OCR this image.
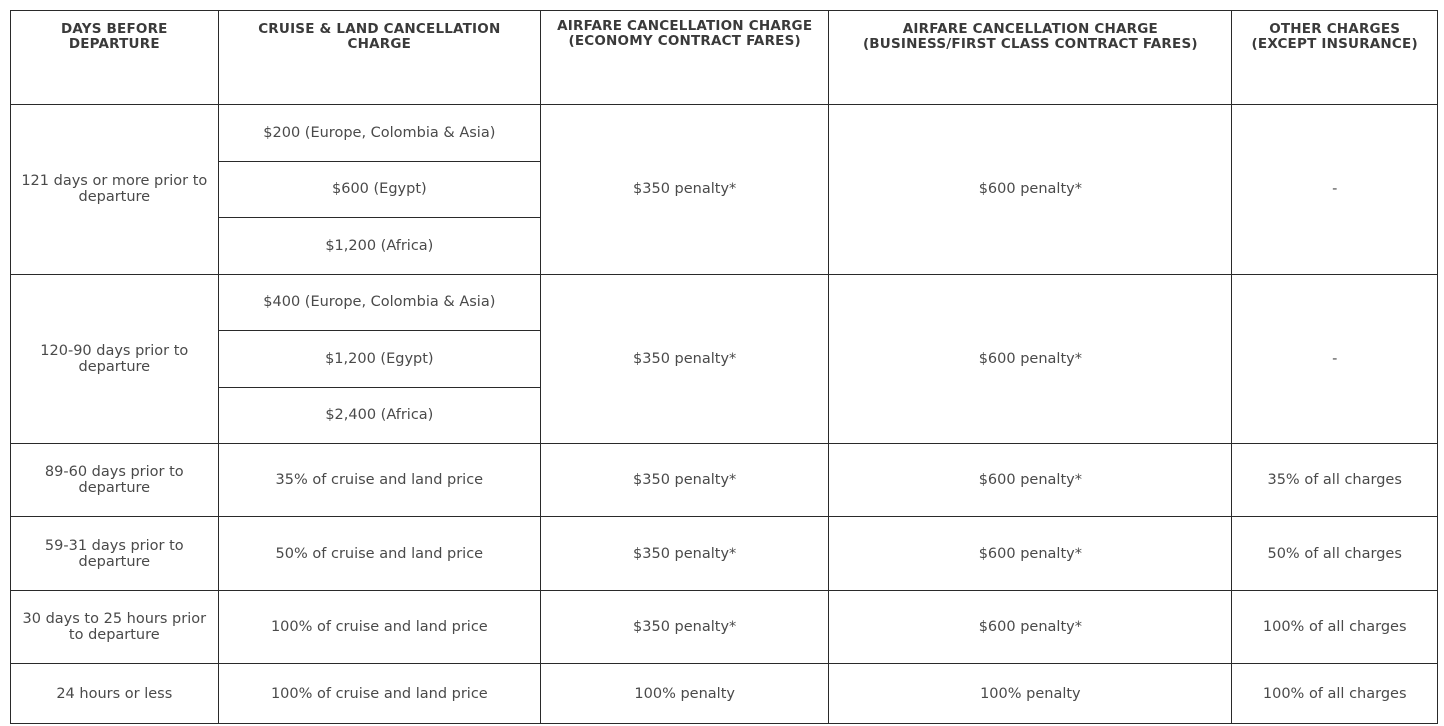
DAYS BEFORE DEPARTURE	CRUISE & LAND CANCELLATION CHARGE	AIRFARE CANCELLATION CHARGE (ECONOMY CONTRACT FARES)	AIRFARE CANCELLATION CHARGE (BUSINESS/FIRST CLASS CONTRACT FARES)	OTHER CHARGES (EXCEPT INSURANCE)
121 days or more prior to departure	$200 (Europe, Colombia & Asia)	$350 penalty*	$600 penalty*	-
	$600 (Egypt)			
	$1,200 (Africa)			
120-90 days prior to departure	$400 (Europe, Colombia & Asia)	$350 penalty*	$600 penalty*	-
	$1,200 (Egypt)			
	$2,400 (Africa)			
89-60 days prior to departure	35% of cruise and land price	$350 penalty*	$600 penalty*	35% of all charges
59-31 days prior to departure	50% of cruise and land price	$350 penalty*	$600 penalty*	50% of all charges
30 days to 25 hours prior to departure	100% of cruise and land price	$350 penalty*	$600 penalty*	100% of all charges
24 hours or less	100% of cruise and land price	100% penalty	100% penalty	100% of all charges
